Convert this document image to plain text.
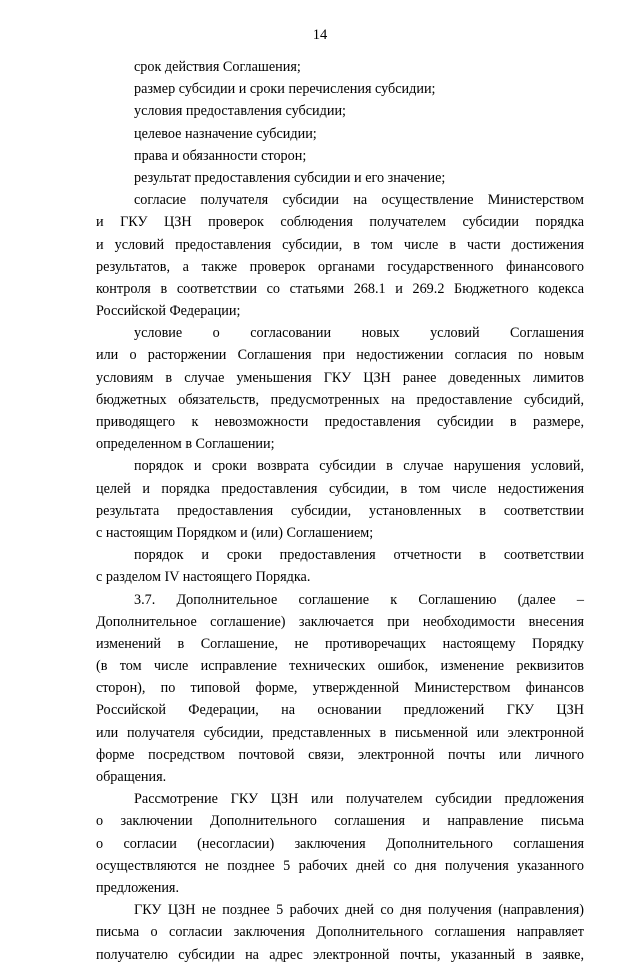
14
срок действия Соглашения;
размер субсидии и сроки перечисления субсидии;
условия предоставления субсидии;
целевое назначение субсидии;
права и обязанности сторон;
результат предоставления субсидии и его значение;
согласие получателя субсидии на осуществление Министерством
и ГКУ ЦЗН проверок соблюдения получателем субсидии порядка
и условий предоставления субсидии, в том числе в части достижения
результатов, а также проверок органами государственного финансового
контроля в соответствии со статьями 268.1 и 269.2 Бюджетного кодекса
Российской Федерации;
условие о согласовании новых условий Соглашения
или о расторжении Соглашения при недостижении согласия по новым
условиям в случае уменьшения ГКУ ЦЗН ранее доведенных лимитов
бюджетных обязательств, предусмотренных на предоставление субсидий,
приводящего к невозможности предоставления субсидии в размере,
определенном в Соглашении;
порядок и сроки возврата субсидии в случае нарушения условий,
целей и порядка предоставления субсидии, в том числе недостижения
результата предоставления субсидии, установленных в соответствии
с настоящим Порядком и (или) Соглашением;
порядок и сроки предоставления отчетности в соответствии
с разделом IV настоящего Порядка.
3.7. Дополнительное соглашение к Соглашению (далее –
Дополнительное соглашение) заключается при необходимости внесения
изменений в Соглашение, не противоречащих настоящему Порядку
(в том числе исправление технических ошибок, изменение реквизитов
сторон), по типовой форме, утвержденной Министерством финансов
Российской Федерации, на основании предложений ГКУ ЦЗН
или получателя субсидии, представленных в письменной или электронной
форме посредством почтовой связи, электронной почты или личного
обращения.
Рассмотрение ГКУ ЦЗН или получателем субсидии предложения
о заключении Дополнительного соглашения и направление письма
о согласии (несогласии) заключения Дополнительного соглашения
осуществляются не позднее 5 рабочих дней со дня получения указанного
предложения.
ГКУ ЦЗН не позднее 5 рабочих дней со дня получения (направления)
письма о согласии заключения Дополнительного соглашения направляет
получателю субсидии на адрес электронной почты, указанный в заявке,
